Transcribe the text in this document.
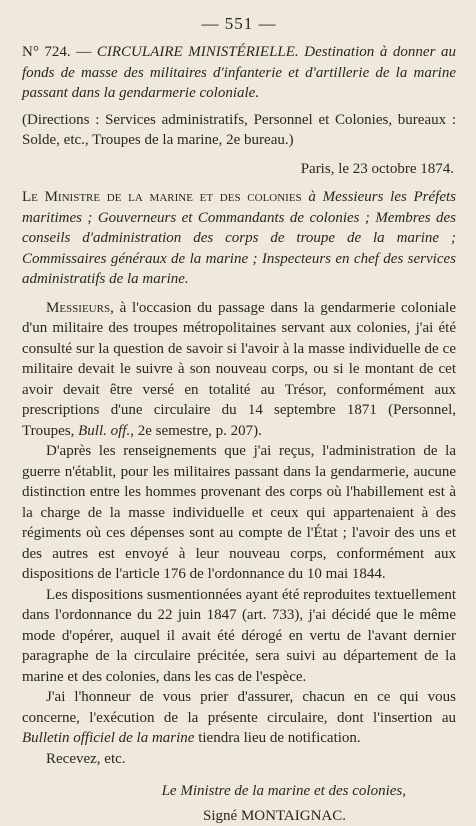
— 551 —

N° 724. — CIRCULAIRE MINISTÉRIELLE. Destination à donner au fonds de masse des militaires d'infanterie et d'artillerie de la marine passant dans la gendarmerie coloniale.

(Directions : Services administratifs, Personnel et Colonies, bureaux : Solde, etc., Troupes de la marine, 2e bureau.)

Paris, le 23 octobre 1874.

Le Ministre de la marine et des colonies à Messieurs les Préfets maritimes ; Gouverneurs et Commandants de colonies ; Membres des conseils d'administration des corps de troupe de la marine ; Commissaires généraux de la marine ; Inspecteurs en chef des services administratifs de la marine.

Messieurs, à l'occasion du passage dans la gendarmerie coloniale d'un militaire des troupes métropolitaines servant aux colonies, j'ai été consulté sur la question de savoir si l'avoir à la masse individuelle de ce militaire devait le suivre à son nouveau corps, ou si le montant de cet avoir devait être versé en totalité au Trésor, conformément aux prescriptions d'une circulaire du 14 septembre 1871 (Personnel, Troupes, Bull. off., 2e semestre, p. 207).

D'après les renseignements que j'ai reçus, l'administration de la guerre n'établit, pour les militaires passant dans la gendarmerie, aucune distinction entre les hommes provenant des corps où l'habillement est à la charge de la masse individuelle et ceux qui appartenaient à des régiments où ces dépenses sont au compte de l'État ; l'avoir des uns et des autres est envoyé à leur nouveau corps, conformément aux dispositions de l'article 176 de l'ordonnance du 10 mai 1844.

Les dispositions susmentionnées ayant été reproduites textuellement dans l'ordonnance du 22 juin 1847 (art. 733), j'ai décidé que le même mode d'opérer, auquel il avait été dérogé en vertu de l'avant dernier paragraphe de la circulaire précitée, sera suivi au département de la marine et des colonies, dans les cas de l'espèce.

J'ai l'honneur de vous prier d'assurer, chacun en ce qui vous concerne, l'exécution de la présente circulaire, dont l'insertion au Bulletin officiel de la marine tiendra lieu de notification.

Recevez, etc.

Le Ministre de la marine et des colonies,

Signé MONTAIGNAC.
